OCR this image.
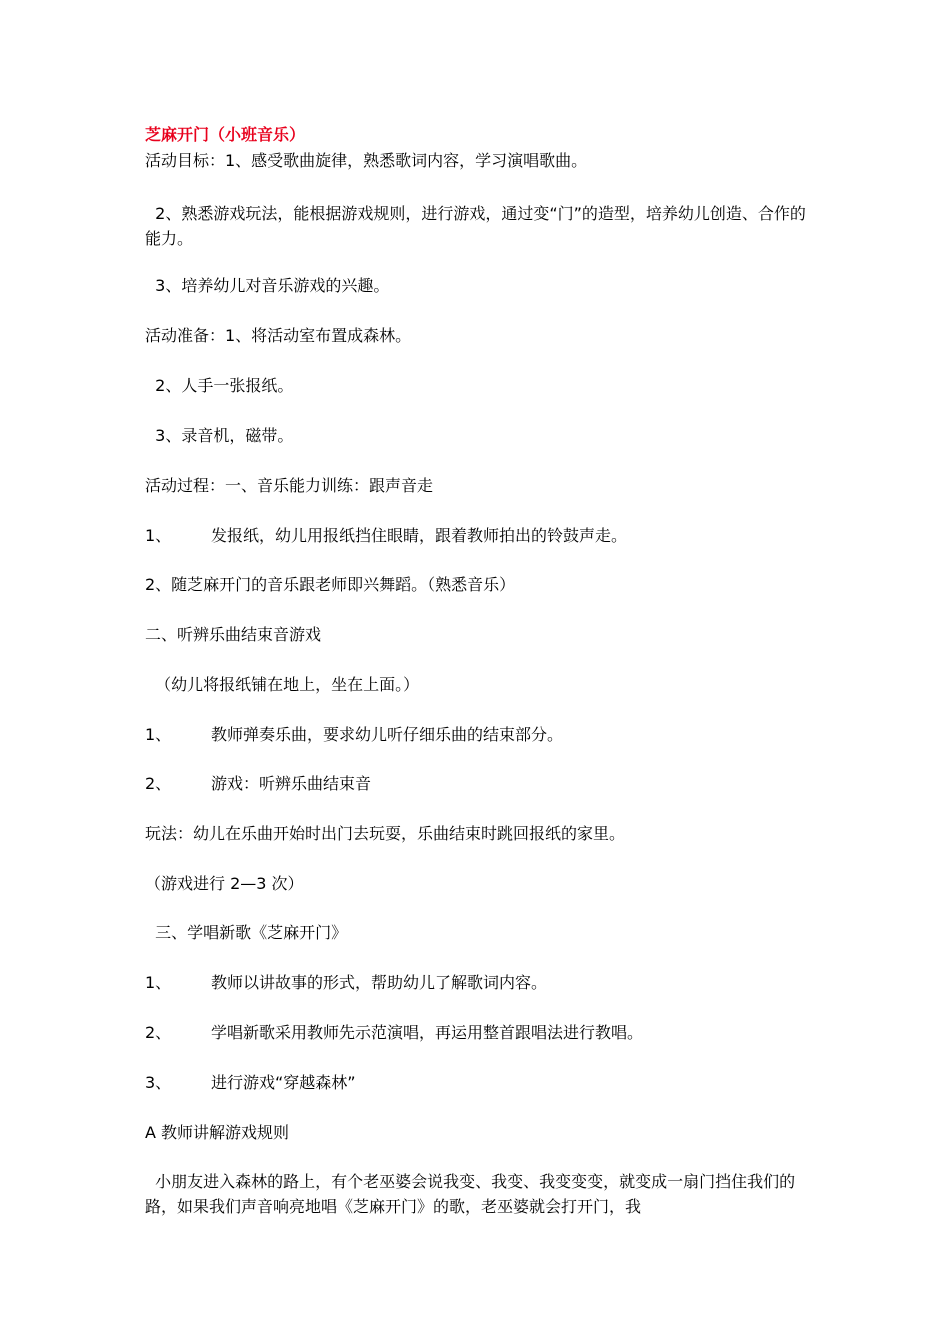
芝麻开门（小班音乐）
活动目标：1、感受歌曲旋律，熟悉歌词内容，学习演唱歌曲。
2、熟悉游戏玩法，能根据游戏规则，进行游戏，通过变“门”的造型，培养幼儿创造、合作的能力。
3、培养幼儿对音乐游戏的兴趣。
活动准备：1、将活动室布置成森林。
2、人手一张报纸。
3、录音机，磁带。
活动过程：一、音乐能力训练：跟声音走
1、 发报纸，幼儿用报纸挡住眼睛，跟着教师拍出的铃鼓声走。
2、随芝麻开门的音乐跟老师即兴舞蹈。（熟悉音乐）
二、听辨乐曲结束音游戏
（幼儿将报纸铺在地上，坐在上面。）
1、 教师弹奏乐曲，要求幼儿听仔细乐曲的结束部分。
2、 游戏：听辨乐曲结束音
玩法：幼儿在乐曲开始时出门去玩耍，乐曲结束时跳回报纸的家里。
（游戏进行 2—3 次）
三、学唱新歌《芝麻开门》
1、 教师以讲故事的形式，帮助幼儿了解歌词内容。
2、 学唱新歌采用教师先示范演唱，再运用整首跟唱法进行教唱。
3、 进行游戏“穿越森林”
A 教师讲解游戏规则
小朋友进入森林的路上，有个老巫婆会说我变、我变、我变变变，就变成一扇门挡住我们的路，如果我们声音响亮地唱《芝麻开门》的歌，老巫婆就会打开门，我
